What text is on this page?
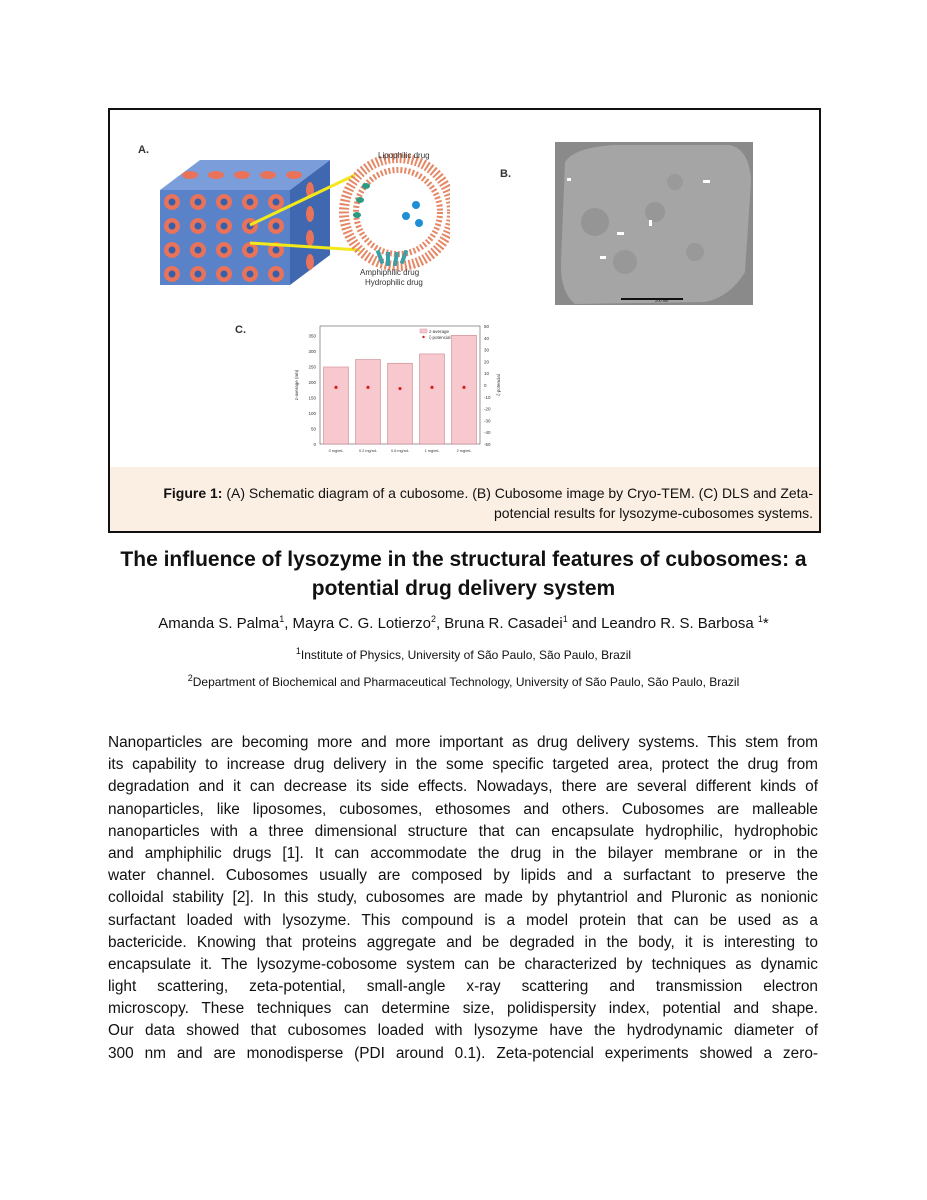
A.	Lipophilic drug
Amphiphilic drug
Hydrophilic drug
B.
200 nm
C.
0
50
100
150
200
250
300
350
-50
-40
-30
-20
-10
0
10
20
30
40
50
0 mg/mL	0.2 mg/mL	0.6 mg/mL	1 mg/mL	2 mg/mL
z-average (nm)	ζ-potencial
z-average
ζ-potencial
Figure 1: (A) Schematic diagram of a cubosome. (B) Cubosome image by Cryo-TEM. (C) DLS and Zeta-
potencial results for lysozyme-cubosomes systems.
The influence of lysozyme in the structural features of cubosomes: a
potential drug delivery system
Amanda S. Palma$^1$, Mayra C. G. Lotierzo$^2$, Bruna R. Casadei$^1$ and Leandro R. S. Barbosa $^1$*
$^1$Institute of Physics, University of São Paulo, São Paulo, Brazil
$^2$Department of Biochemical and Pharmaceutical Technology, University of São Paulo, São Paulo, Brazil
Nanoparticles are becoming more and more important as drug delivery systems. This stem from
its capability to increase drug delivery in the some specific targeted area, protect the drug from
degradation and it can decrease its side effects. Nowadays, there are several different kinds of
nanoparticles, like liposomes, cubosomes, ethosomes and others. Cubosomes are malleable
nanoparticles with a three dimensional structure that can encapsulate hydrophilic, hydrophobic
and amphiphilic drugs [1]. It can accommodate the drug in the bilayer membrane or in the
water channel. Cubosomes usually are composed by lipids and a surfactant to preserve the
colloidal stability [2]. In this study, cubosomes are made by phytantriol and Pluronic as nonionic
surfactant loaded with lysozyme. This compound is a model protein that can be used as a
bactericide. Knowing that proteins aggregate and be degraded in the body, it is interesting to
encapsulate it. The lysozyme-cobosome system can be characterized by techniques as dynamic
light scattering, zeta-potential, small-angle x-ray scattering and transmission electron
microscopy. These techniques can determine size, polidispersity index, potential and shape.
Our data showed that cubosomes loaded with lysozyme have the hydrodynamic diameter of
300 nm and are monodisperse (PDI around 0.1). Zeta-potencial experiments showed a zero-
